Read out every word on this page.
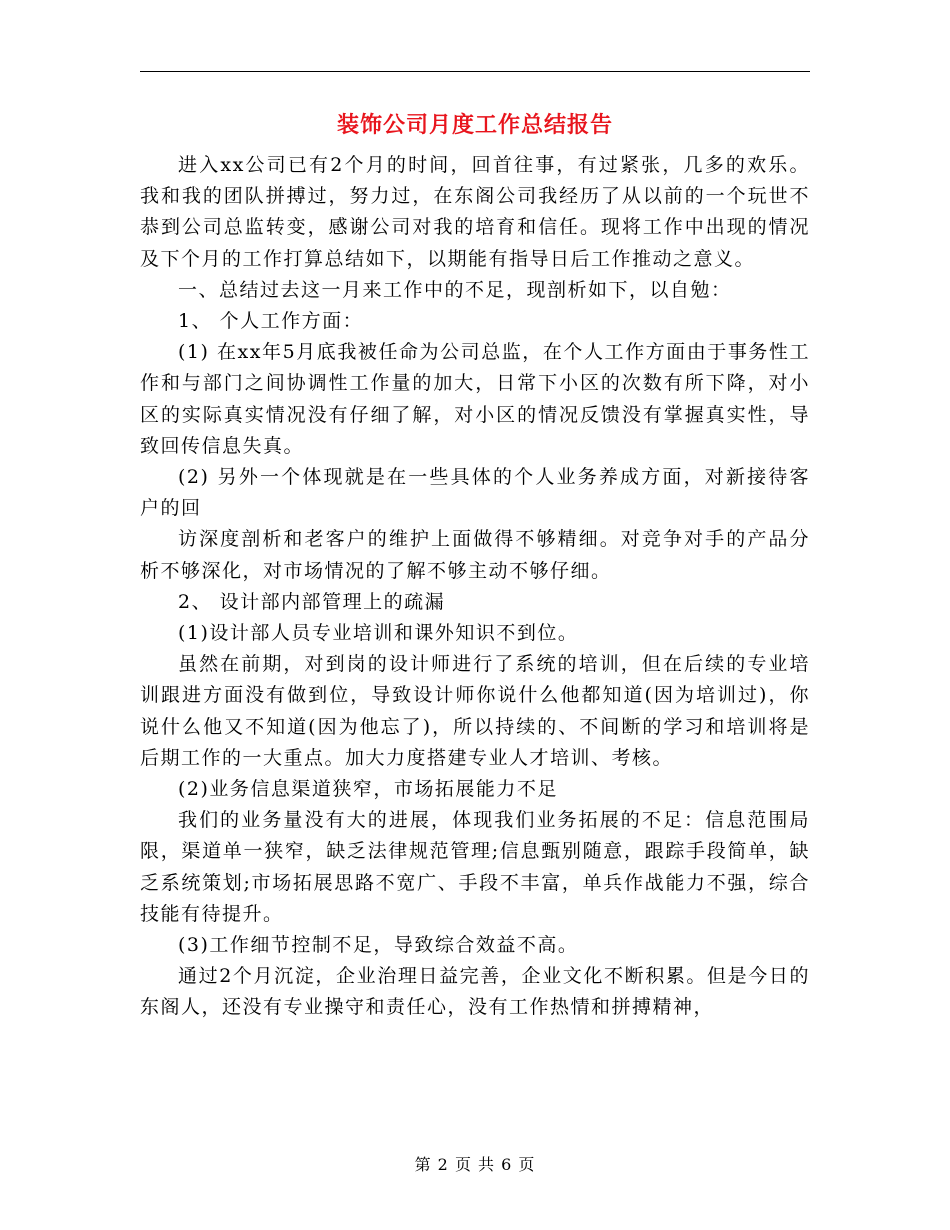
装饰公司月度工作总结报告

进入xx公司已有2个月的时间，回首往事，有过紧张，几多的欢乐。我和我的团队拼搏过，努力过，在东阁公司我经历了从以前的一个玩世不恭到公司总监转变，感谢公司对我的培育和信任。现将工作中出现的情况及下个月的工作打算总结如下，以期能有指导日后工作推动之意义。

一、总结过去这一月来工作中的不足，现剖析如下，以自勉：

1、 个人工作方面：

(1) 在xx年5月底我被任命为公司总监，在个人工作方面由于事务性工作和与部门之间协调性工作量的加大，日常下小区的次数有所下降，对小区的实际真实情况没有仔细了解，对小区的情况反馈没有掌握真实性，导致回传信息失真。

(2) 另外一个体现就是在一些具体的个人业务养成方面，对新接待客户的回

访深度剖析和老客户的维护上面做得不够精细。对竞争对手的产品分析不够深化，对市场情况的了解不够主动不够仔细。

2、 设计部内部管理上的疏漏

(1)设计部人员专业培训和课外知识不到位。

虽然在前期，对到岗的设计师进行了系统的培训，但在后续的专业培训跟进方面没有做到位，导致设计师你说什么他都知道(因为培训过)，你说什么他又不知道(因为他忘了)，所以持续的、不间断的学习和培训将是后期工作的一大重点。加大力度搭建专业人才培训、考核。

(2)业务信息渠道狭窄，市场拓展能力不足

我们的业务量没有大的进展，体现我们业务拓展的不足：信息范围局限，渠道单一狭窄，缺乏法律规范管理;信息甄别随意，跟踪手段简单，缺乏系统策划;市场拓展思路不宽广、手段不丰富，单兵作战能力不强，综合技能有待提升。

(3)工作细节控制不足，导致综合效益不高。

通过2个月沉淀，企业治理日益完善，企业文化不断积累。但是今日的东阁人，还没有专业操守和责任心，没有工作热情和拼搏精神，

第 2 页 共 6 页
